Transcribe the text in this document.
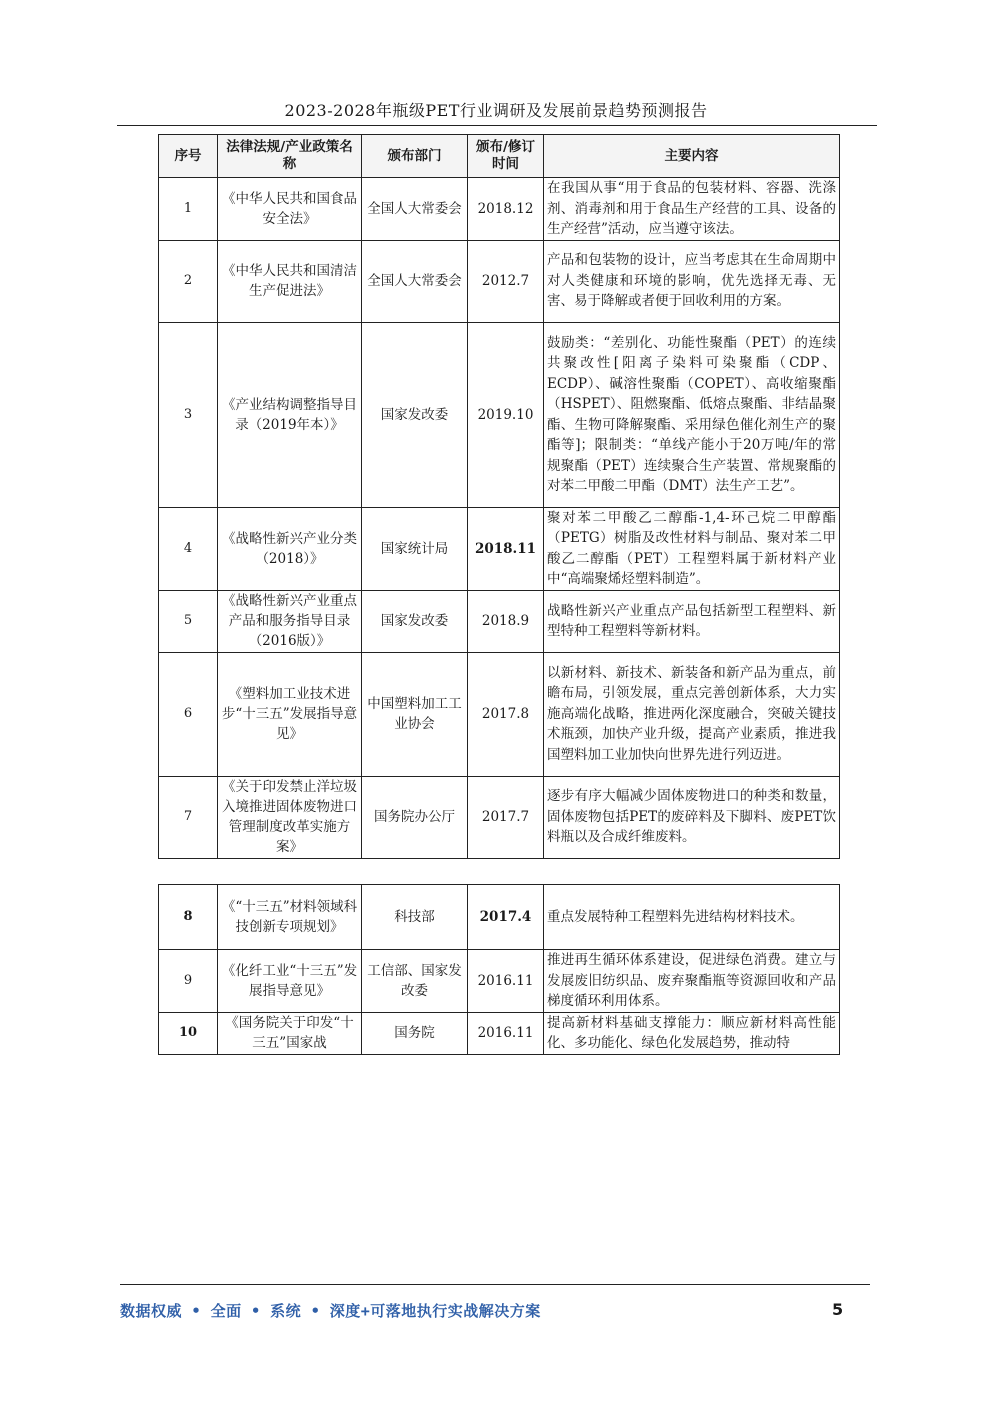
2023-2028年瓶级PET行业调研及发展前景趋势预测报告
序号	法律法规/产业政策名称	颁布部门	颁布/修订时间	主要内容
1	《中华人民共和国食品安全法》	全国人大常委会	2018.12	在我国从事“用于食品的包装材料、容器、洗涤剂、消毒剂和用于食品生产经营的工具、设备的生产经营”活动，应当遵守该法。
2	《中华人民共和国清洁生产促进法》	全国人大常委会	2012.7	产品和包装物的设计，应当考虑其在生命周期中对人类健康和环境的影响，优先选择无毒、无害、易于降解或者便于回收利用的方案。
3	《产业结构调整指导目录（2019年本）》	国家发改委	2019.10	鼓励类：“差别化、功能性聚酯（PET）的连续共聚改性[阳离子染料可染聚酯（CDP、ECDP）、碱溶性聚酯（COPET）、高收缩聚酯（HSPET）、阻燃聚酯、低熔点聚酯、非结晶聚酯、生物可降解聚酯、采用绿色催化剂生产的聚酯等]；限制类：“单线产能小于20万吨/年的常规聚酯（PET）连续聚合生产装置、常规聚酯的对苯二甲酸二甲酯（DMT）法生产工艺”。
4	《战略性新兴产业分类（2018）》	国家统计局	2018.11	聚对苯二甲酸乙二醇酯-1,4-环己烷二甲醇酯（PETG）树脂及改性材料与制品、聚对苯二甲酸乙二醇酯（PET）工程塑料属于新材料产业中“高端聚烯烃塑料制造”。
5	《战略性新兴产业重点产品和服务指导目录（2016版）》	国家发改委	2018.9	战略性新兴产业重点产品包括新型工程塑料、新型特种工程塑料等新材料。
6	《塑料加工业技术进步“十三五”发展指导意见》	中国塑料加工工业协会	2017.8	以新材料、新技术、新装备和新产品为重点，前瞻布局，引领发展，重点完善创新体系，大力实施高端化战略，推进两化深度融合，突破关键技术瓶颈，加快产业升级，提高产业素质，推进我国塑料加工业加快向世界先进行列迈进。
7	《关于印发禁止洋垃圾入境推进固体废物进口管理制度改革实施方案》	国务院办公厅	2017.7	逐步有序大幅减少固体废物进口的种类和数量，固体废物包括PET的废碎料及下脚料、废PET饮料瓶以及合成纤维废料。
8	《“十三五”材料领域科技创新专项规划》	科技部	2017.4	重点发展特种工程塑料先进结构材料技术。
9	《化纤工业“十三五”发展指导意见》	工信部、国家发改委	2016.11	推进再生循环体系建设，促进绿色消费。建立与发展废旧纺织品、废弃聚酯瓶等资源回收和产品梯度循环利用体系。
10	《国务院关于印发“十三五”国家战	国务院	2016.11	提高新材料基础支撑能力：顺应新材料高性能化、多功能化、绿色化发展趋势，推动特
数据权威 • 全面 • 系统 • 深度+可落地执行实战解决方案	5
